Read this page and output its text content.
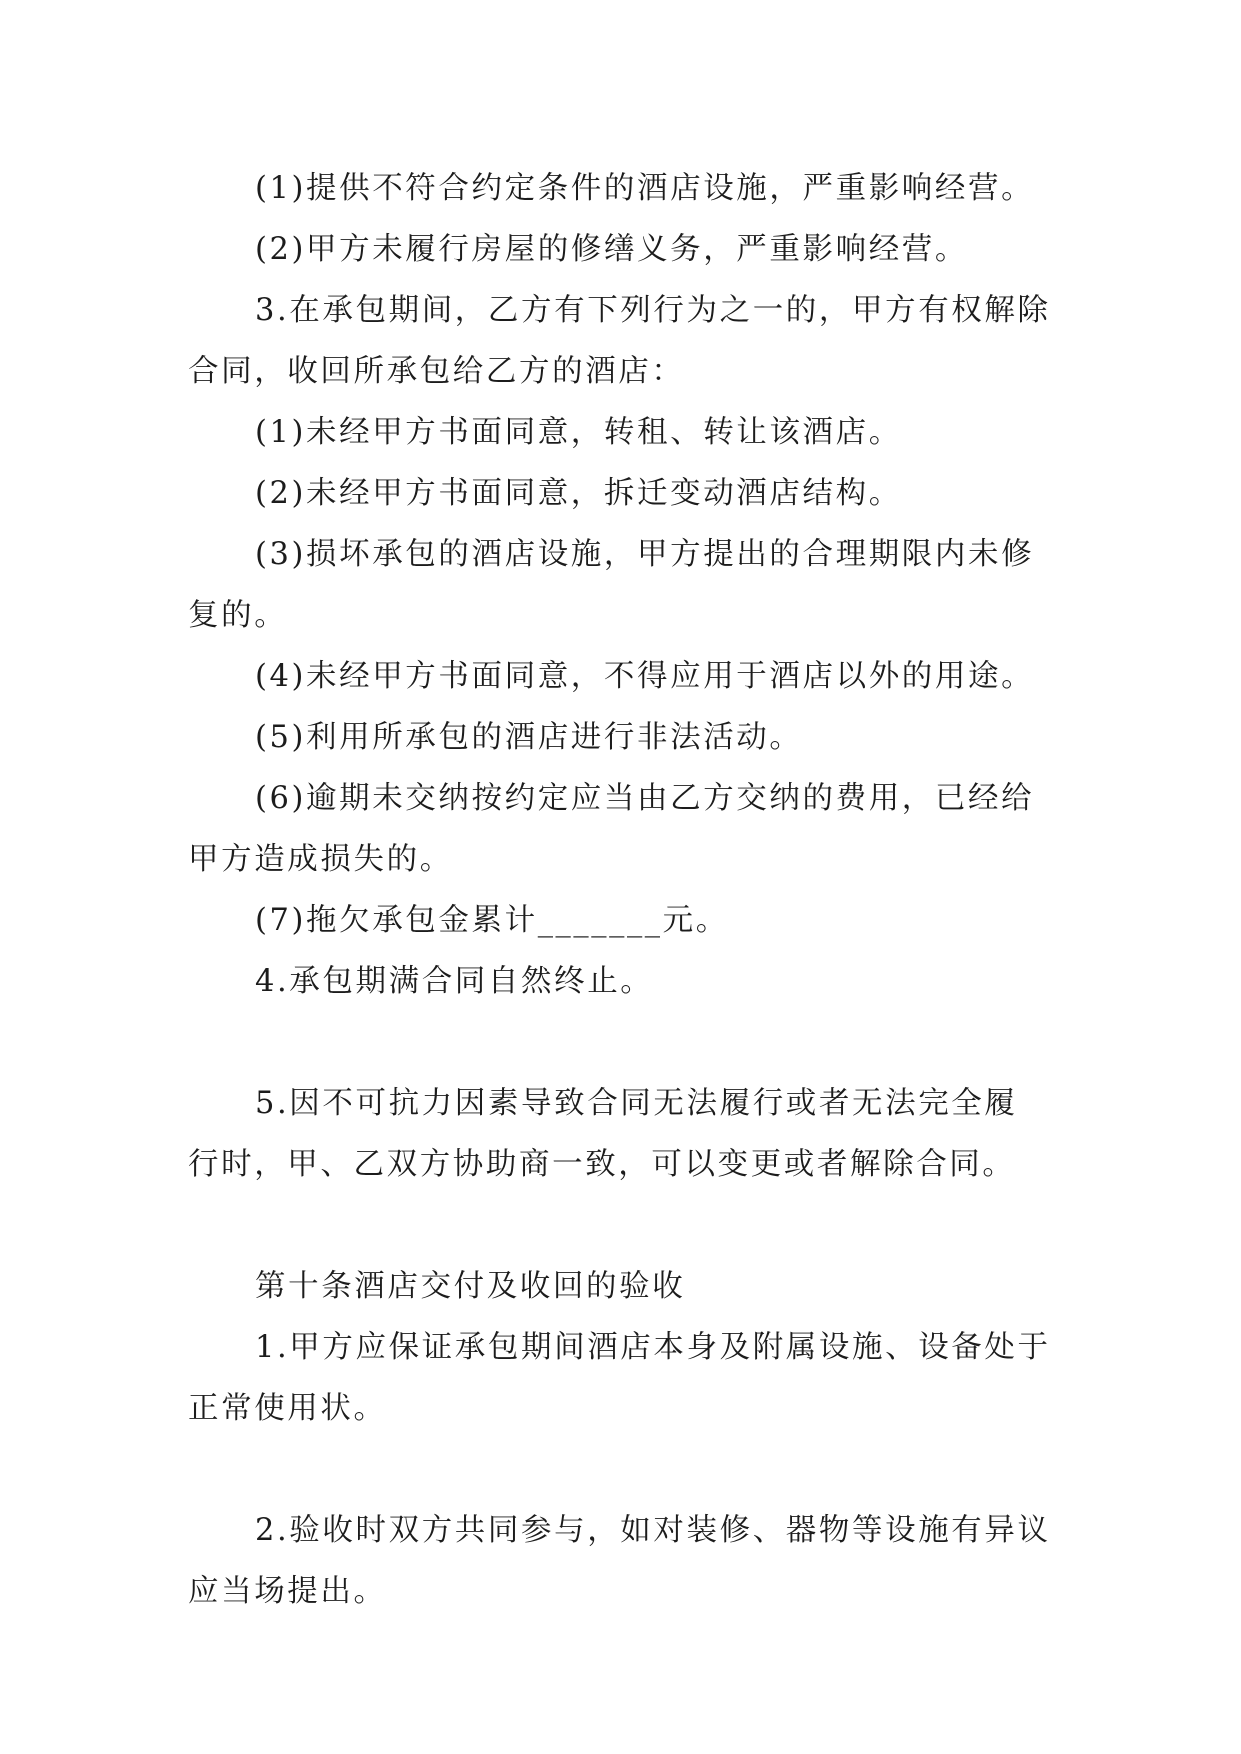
(1)提供不符合约定条件的酒店设施，严重影响经营。

(2)甲方未履行房屋的修缮义务，严重影响经营。

3.在承包期间，乙方有下列行为之一的，甲方有权解除

合同，收回所承包给乙方的酒店：

(1)未经甲方书面同意，转租、转让该酒店。

(2)未经甲方书面同意，拆迁变动酒店结构。

(3)损坏承包的酒店设施，甲方提出的合理期限内未修

复的。

(4)未经甲方书面同意，不得应用于酒店以外的用途。

(5)利用所承包的酒店进行非法活动。

(6)逾期未交纳按约定应当由乙方交纳的费用，已经给

甲方造成损失的。

(7)拖欠承包金累计_______元。

4.承包期满合同自然终止。

5.因不可抗力因素导致合同无法履行或者无法完全履

行时，甲、乙双方协助商一致，可以变更或者解除合同。

第十条酒店交付及收回的验收

1.甲方应保证承包期间酒店本身及附属设施、设备处于

正常使用状。

2.验收时双方共同参与，如对装修、器物等设施有异议

应当场提出。
